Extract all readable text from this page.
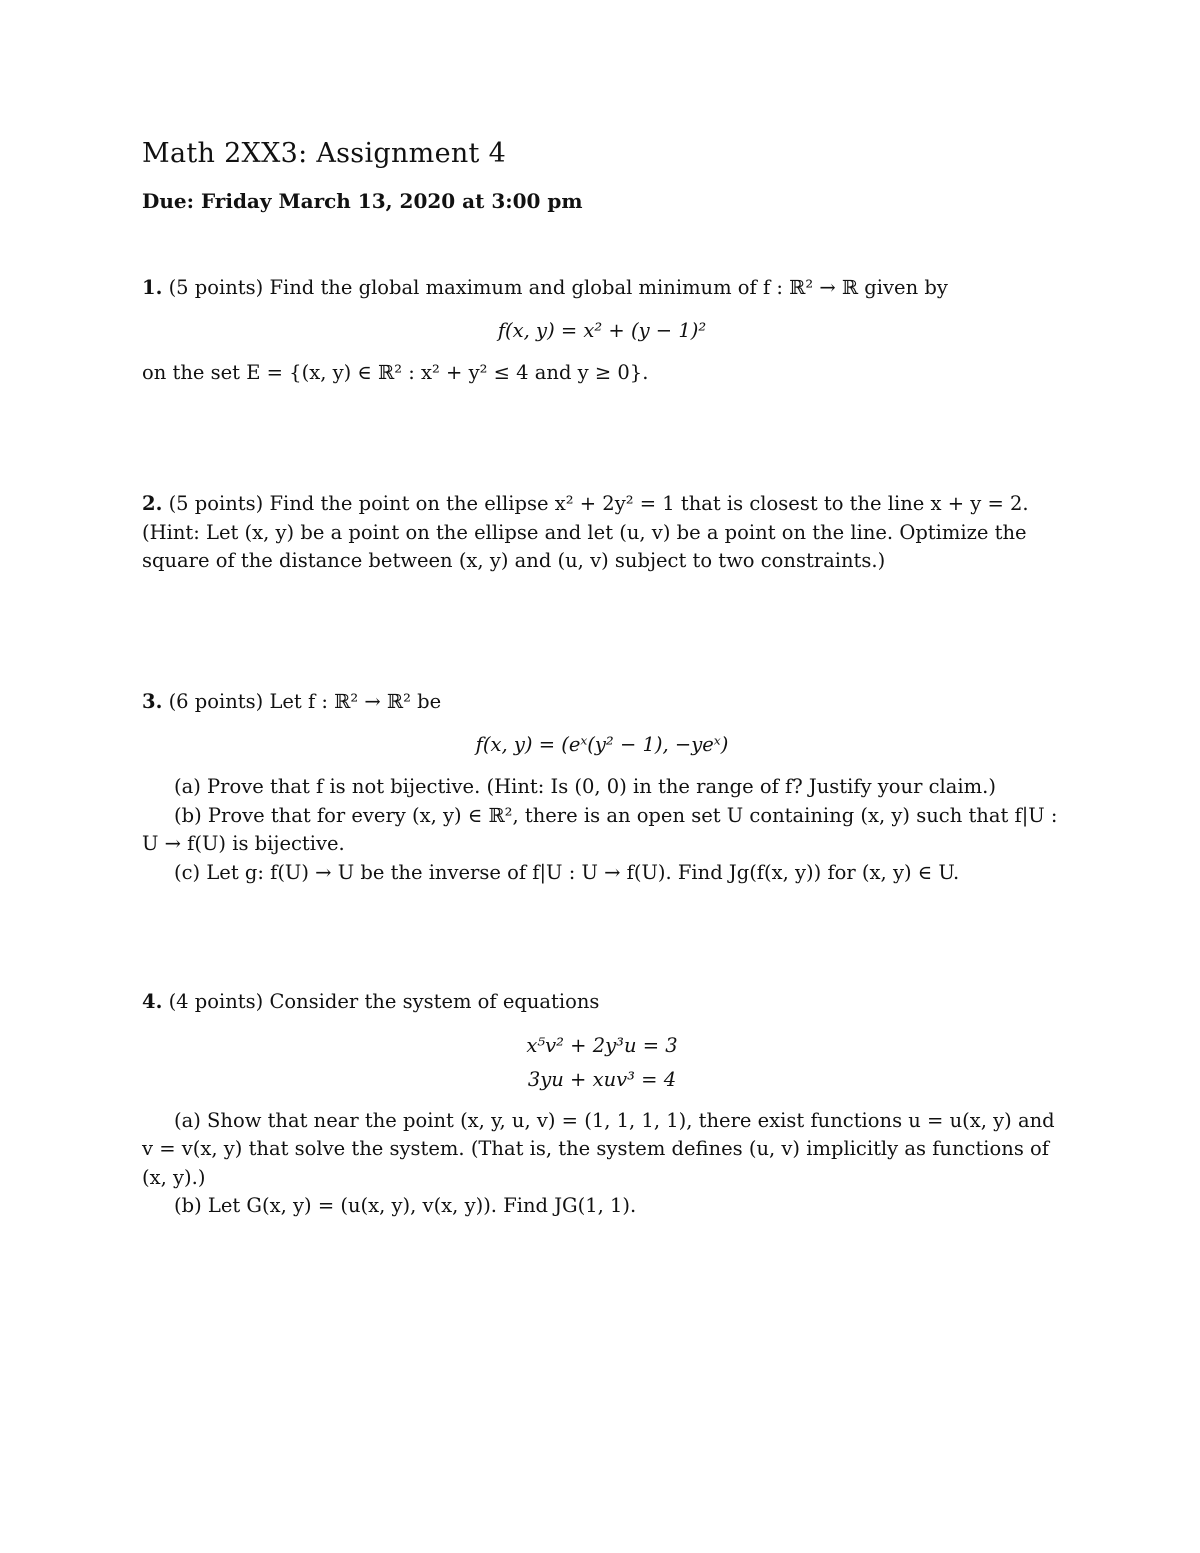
Math 2XX3: Assignment 4
Due: Friday March 13, 2020 at 3:00 pm

1. (5 points) Find the global maximum and global minimum of f : ℝ² → ℝ given by

f(x, y) = x² + (y − 1)²

on the set E = {(x, y) ∈ ℝ² : x² + y² ≤ 4 and y ≥ 0}.

2. (5 points) Find the point on the ellipse x² + 2y² = 1 that is closest to the line x + y = 2.

(Hint: Let (x, y) be a point on the ellipse and let (u, v) be a point on the line. Optimize the square of the distance between (x, y) and (u, v) subject to two constraints.)

3. (6 points) Let f : ℝ² → ℝ² be

f(x, y) = (eˣ(y² − 1), −yeˣ)

(a) Prove that f is not bijective. (Hint: Is (0, 0) in the range of f? Justify your claim.)

(b) Prove that for every (x, y) ∈ ℝ², there is an open set U containing (x, y) such that f|U : U → f(U) is bijective.

(c) Let g: f(U) → U be the inverse of f|U : U → f(U). Find Jg(f(x, y)) for (x, y) ∈ U.

4. (4 points) Consider the system of equations

x⁵v² + 2y³u = 3
3yu + xuv³ = 4

(a) Show that near the point (x, y, u, v) = (1, 1, 1, 1), there exist functions u = u(x, y) and v = v(x, y) that solve the system. (That is, the system defines (u, v) implicitly as functions of (x, y).)

(b) Let G(x, y) = (u(x, y), v(x, y)). Find JG(1, 1).
